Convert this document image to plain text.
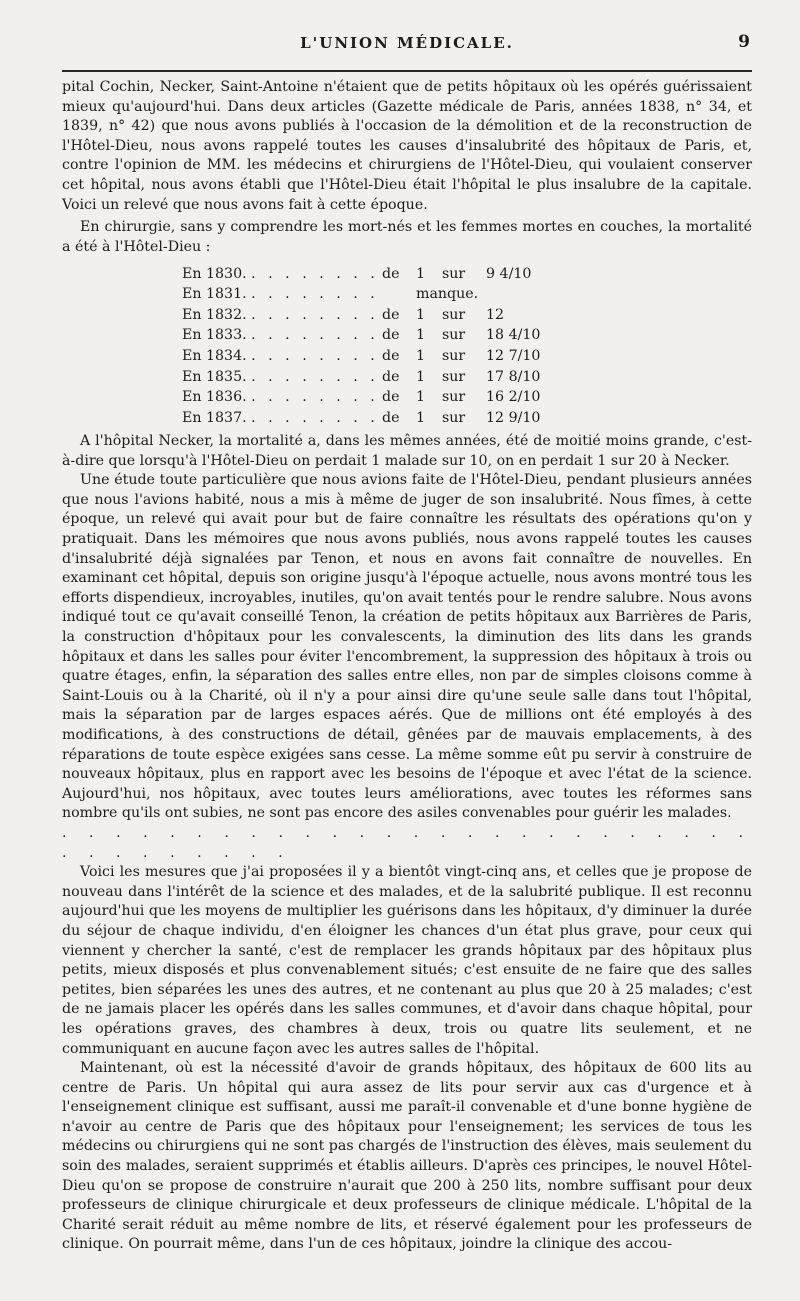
L'UNION MÉDICALE.	9

pital Cochin, Necker, Saint-Antoine n'étaient que de petits hôpitaux où les opérés guérissaient mieux qu'aujourd'hui. Dans deux articles (Gazette médicale de Paris, années 1838, n° 34, et 1839, n° 42) que nous avons publiés à l'occasion de la démolition et de la reconstruction de l'Hôtel-Dieu, nous avons rappelé toutes les causes d'insalubrité des hôpitaux de Paris, et, contre l'opinion de MM. les médecins et chirurgiens de l'Hôtel-Dieu, qui voulaient conserver cet hôpital, nous avons établi que l'Hôtel-Dieu était l'hôpital le plus insalubre de la capitale. Voici un relevé que nous avons fait à cette époque.

En chirurgie, sans y comprendre les mort-nés et les femmes mortes en couches, la mortalité a été à l'Hôtel-Dieu :

En 1830. . . . . . . . .	de	1	sur	9 4/10
En 1831. . . . . . . . .	manque.			
En 1832. . . . . . . . .	de	1	sur	12
En 1833. . . . . . . . .	de	1	sur	18 4/10
En 1834. . . . . . . . .	de	1	sur	12 7/10
En 1835. . . . . . . . .	de	1	sur	17 8/10
En 1836. . . . . . . . .	de	1	sur	16 2/10
En 1837. . . . . . . . .	de	1	sur	12 9/10

A l'hôpital Necker, la mortalité a, dans les mêmes années, été de moitié moins grande, c'est-à-dire que lorsqu'à l'Hôtel-Dieu on perdait 1 malade sur 10, on en perdait 1 sur 20 à Necker.

Une étude toute particulière que nous avions faite de l'Hôtel-Dieu, pendant plusieurs années que nous l'avions habité, nous a mis à même de juger de son insalubrité. Nous fîmes, à cette époque, un relevé qui avait pour but de faire connaître les résultats des opérations qu'on y pratiquait. Dans les mémoires que nous avons publiés, nous avons rappelé toutes les causes d'insalubrité déjà signalées par Tenon, et nous en avons fait connaître de nouvelles. En examinant cet hôpital, depuis son origine jusqu'à l'époque actuelle, nous avons montré tous les efforts dispendieux, incroyables, inutiles, qu'on avait tentés pour le rendre salubre. Nous avons indiqué tout ce qu'avait conseillé Tenon, la création de petits hôpitaux aux Barrières de Paris, la construction d'hôpitaux pour les convalescents, la diminution des lits dans les grands hôpitaux et dans les salles pour éviter l'encombrement, la suppression des hôpitaux à trois ou quatre étages, enfin, la séparation des salles entre elles, non par de simples cloisons comme à Saint-Louis ou à la Charité, où il n'y a pour ainsi dire qu'une seule salle dans tout l'hôpital, mais la séparation par de larges espaces aérés. Que de millions ont été employés à des modifications, à des constructions de détail, gênées par de mauvais emplacements, à des réparations de toute espèce exigées sans cesse. La même somme eût pu servir à construire de nouveaux hôpitaux, plus en rapport avec les besoins de l'époque et avec l'état de la science. Aujourd'hui, nos hôpitaux, avec toutes leurs améliorations, avec toutes les réformes sans nombre qu'ils ont subies, ne sont pas encore des asiles convenables pour guérir les malades.

. . . . . . . . . . . . . . . . . . . . . . . . . . . . . . . . . . .

Voici les mesures que j'ai proposées il y a bientôt vingt-cinq ans, et celles que je propose de nouveau dans l'intérêt de la science et des malades, et de la salubrité publique. Il est reconnu aujourd'hui que les moyens de multiplier les guérisons dans les hôpitaux, d'y diminuer la durée du séjour de chaque individu, d'en éloigner les chances d'un état plus grave, pour ceux qui viennent y chercher la santé, c'est de remplacer les grands hôpitaux par des hôpitaux plus petits, mieux disposés et plus convenablement situés; c'est ensuite de ne faire que des salles petites, bien séparées les unes des autres, et ne contenant au plus que 20 à 25 malades; c'est de ne jamais placer les opérés dans les salles communes, et d'avoir dans chaque hôpital, pour les opérations graves, des chambres à deux, trois ou quatre lits seulement, et ne communiquant en aucune façon avec les autres salles de l'hôpital.

Maintenant, où est la nécessité d'avoir de grands hôpitaux, des hôpitaux de 600 lits au centre de Paris. Un hôpital qui aura assez de lits pour servir aux cas d'urgence et à l'enseignement clinique est suffisant, aussi me paraît-il convenable et d'une bonne hygiène de n'avoir au centre de Paris que des hôpitaux pour l'enseignement; les services de tous les médecins ou chirurgiens qui ne sont pas chargés de l'instruction des élèves, mais seulement du soin des malades, seraient supprimés et établis ailleurs. D'après ces principes, le nouvel Hôtel-Dieu qu'on se propose de construire n'aurait que 200 à 250 lits, nombre suffisant pour deux professeurs de clinique chirurgicale et deux professeurs de clinique médicale. L'hôpital de la Charité serait réduit au même nombre de lits, et réservé également pour les professeurs de clinique. On pourrait même, dans l'un de ces hôpitaux, joindre la clinique des accou-
